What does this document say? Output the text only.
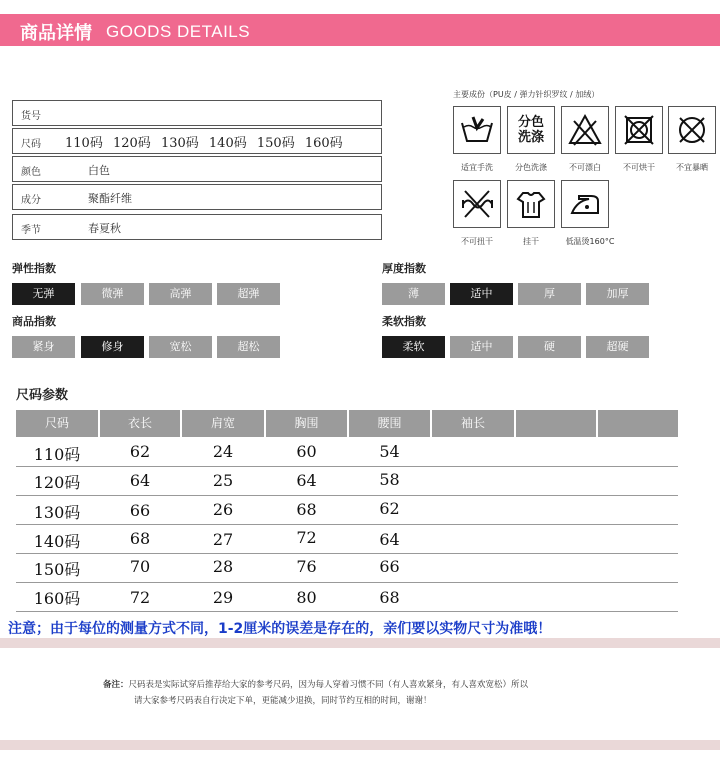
商品详情 GOODS DETAILS
货号
尺码 110码 120码 130码 140码 150码 160码
颜色	白色
成分	聚酯纤维
季节	春夏秋
主要成份（PU皮 / 弹力针织罗纹 / 加绒）
适宜手洗
分色洗涤
分色洗涤	不可漂白	不可烘干	不宜暴晒
不可扭干	挂干	低温烫160°C
弹性指数
无弹	微弹	高弹	超弹
厚度指数
薄	适中	厚	加厚
商品指数
紧身	修身	宽松	超松
柔软指数
柔软	适中	硬	超硬
尺码参数
尺码	衣长	肩宽	胸围	腰围	袖长
110码	62	24	60	54
120码	64	25	64	58
130码	66	26	68	62
140码	68	27	72	64
150码	70	28	76	66
160码	72	29	80	68
注意；由于每位的测量方式不同，1-2厘米的误差是存在的，亲们要以实物尺寸为准哦！
备注：尺码表是实际试穿后推荐给大家的参考尺码，因为每人穿着习惯不同（有人喜欢紧身，有人喜欢宽松）所以
请大家参考尺码表自行决定下单，更能减少退换，同时节约互相的时间，谢谢！
